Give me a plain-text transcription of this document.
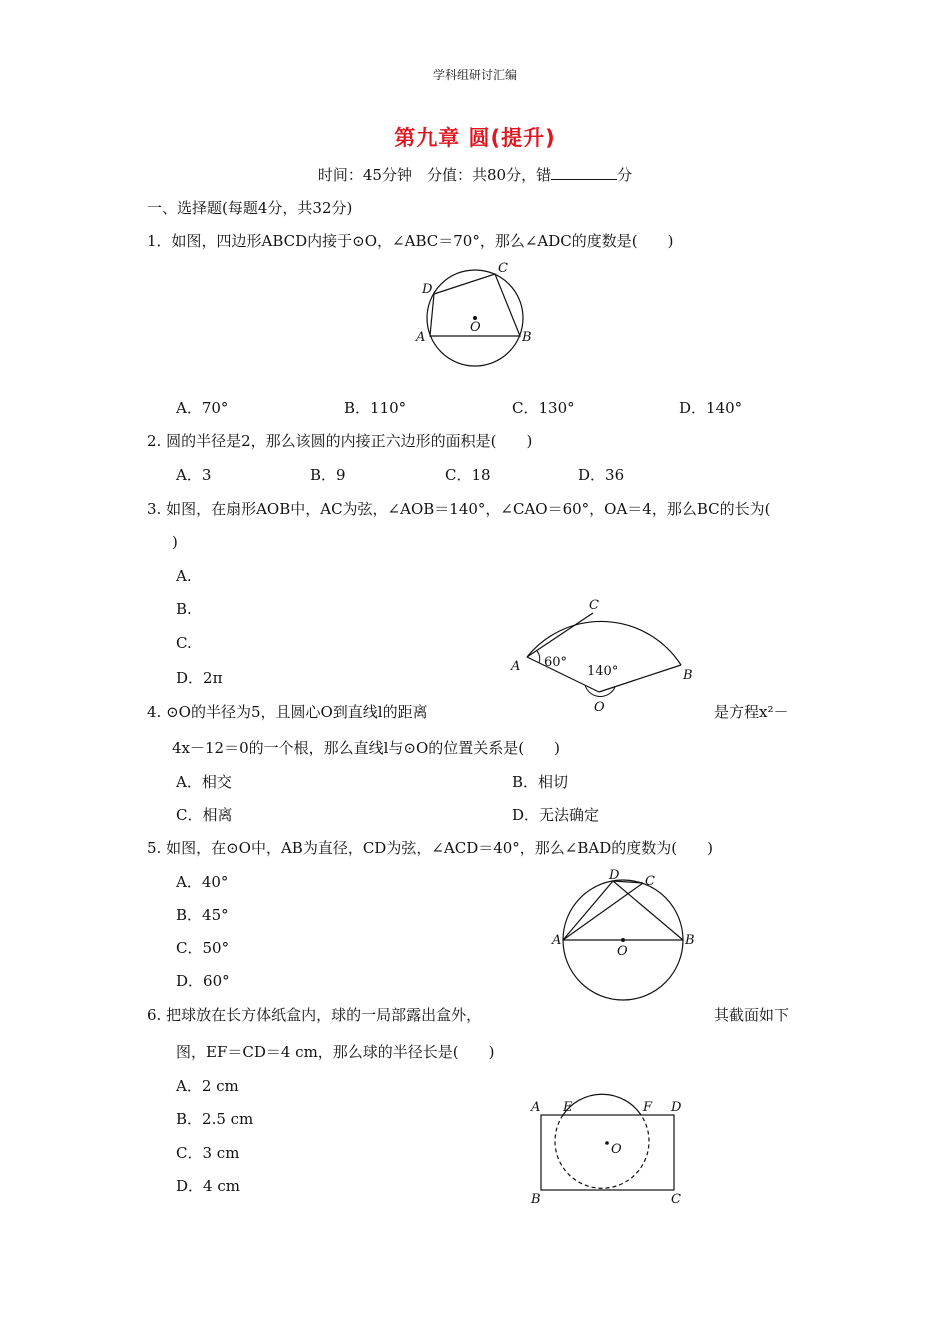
学科组研讨汇编
第九章 圆(提升)
时间：45分钟　分值：共80分，错	分
一、选择题(每题4分，共32分)
1．如图，四边形ABCD内接于⊙O，∠ABC＝70°，那么∠ADC的度数是(　　)
D
C
A	B
O
A．70°	B．110°	C．130°	D．140°
2. 圆的半径是2，那么该圆的内接正六边形的面积是(　　)
A．3	B．9	C．18	D．36
3. 如图，在扇形AOB中，AC为弦，∠AOB＝140°，∠CAO＝60°，OA＝4，那么BC的长为(
)
A.
B.
C.
D．2π
C
A
B
O
60°
140°
4. ⊙O的半径为5，且圆心O到直线l的距离	是方程x²－
4x－12＝0的一个根，那么直线l与⊙O的位置关系是(　　)
A．相交	B．相切
C．相离	D．无法确定
5. 如图，在⊙O中，AB为直径，CD为弦，∠ACD＝40°，那么∠BAD的度数为(　　)
A．40°
B．45°
C．50°
D．60°
D C
A	B
O
6. 把球放在长方体纸盒内，球的一局部露出盒外，	其截面如下
图，EF＝CD＝4 cm，那么球的半径长是(　　)
A．2 cm
B．2.5 cm
C．3 cm
D．4 cm
A E	F D
O
B	C
